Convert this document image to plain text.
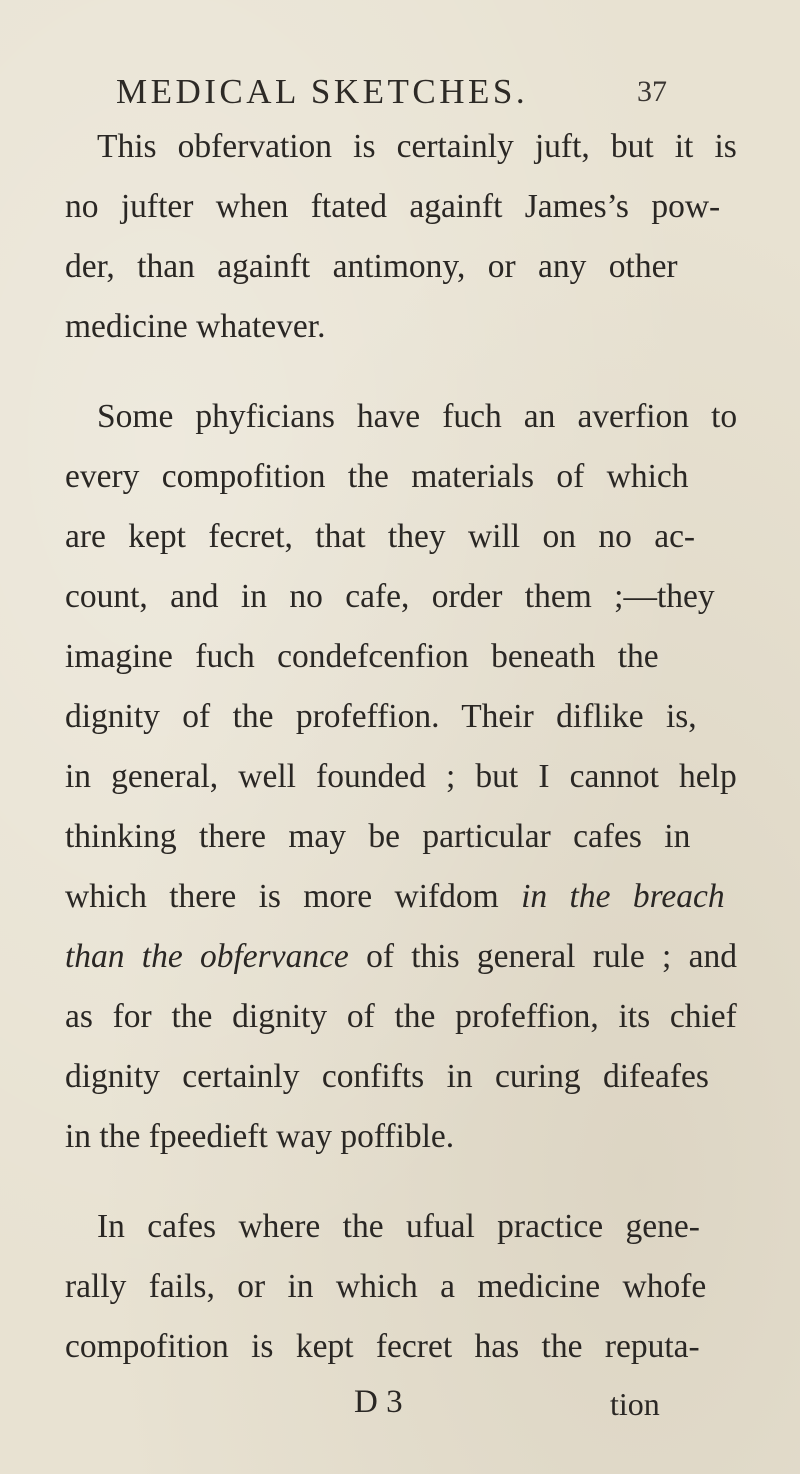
MEDICAL SKETCHES.	37
This obfervation is certainly juft, but it is
no jufter when ftated againft James’s pow-
der, than againft antimony, or any other
medicine whatever.
Some phyficians have fuch an averfion to
every compofition the materials of which
are kept fecret, that they will on no ac-
count, and in no cafe, order them ;—they
imagine fuch condefcenfion beneath the
dignity of the profeffion. Their diflike is,
in general, well founded ; but I cannot help
thinking there may be particular cafes in
which there is more wifdom in the breach
than the obfervance of this general rule ; and
as for the dignity of the profeffion, its chief
dignity certainly confifts in curing difeafes
in the fpeedieft way poffible.
In cafes where the ufual practice gene-
rally fails, or in which a medicine whofe
compofition is kept fecret has the reputa-
D 3	tion
